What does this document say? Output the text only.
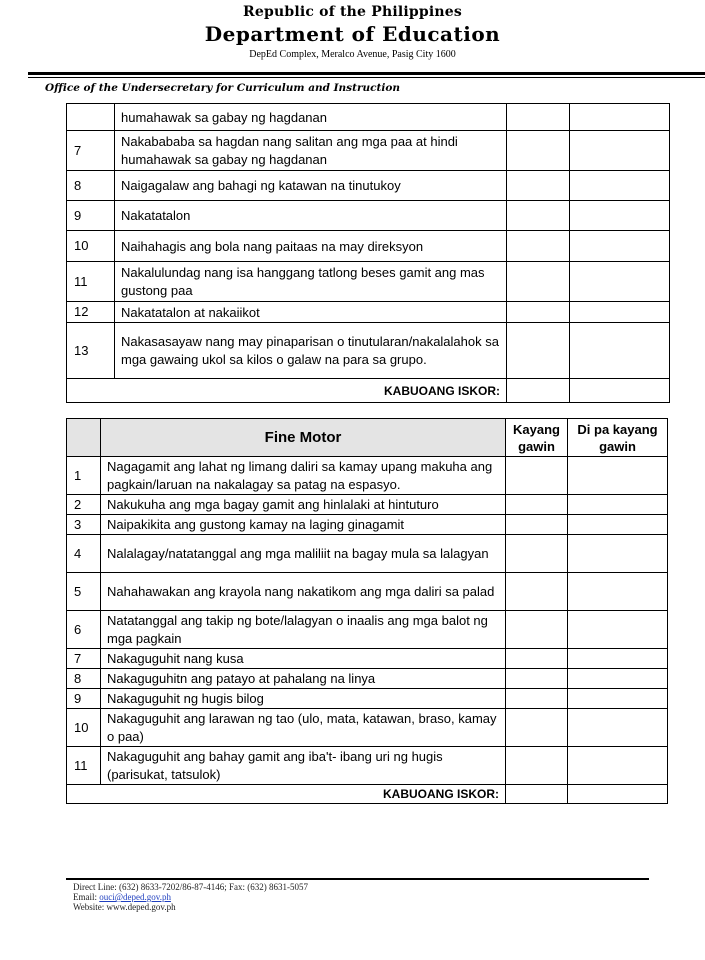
Republic of the Philippines
Department of Education
DepEd Complex, Meralco Avenue, Pasig City 1600
Office of the Undersecretary for Curriculum and Instruction
	humahawak sa gabay ng hagdanan		
7	Nakabababa sa hagdan nang salitan ang mga paa at hindi humahawak sa gabay ng hagdanan		
8	Naigagalaw ang bahagi ng katawan na tinutukoy		
9	Nakatatalon		
10	Naihahagis ang bola nang paitaas na may direksyon		
11	Nakalulundag nang isa hanggang tatlong beses gamit ang mas gustong paa		
12	Nakatatalon at nakaiikot		
13	Nakasasayaw nang may pinaparisan o tinutularan/nakalalahok sa mga gawaing ukol sa kilos o galaw na para sa grupo.		
KABUOANG ISKOR:			
	Fine Motor	Kayang gawin	Di pa kayang gawin
1	Nagagamit ang lahat ng limang daliri sa kamay upang makuha ang pagkain/laruan na nakalagay sa patag na espasyo.		
2	Nakukuha ang mga bagay gamit ang hinlalaki at hintuturo		
3	Naipakikita ang gustong kamay na laging ginagamit		
4	Nalalagay/natatanggal ang mga maliliit na bagay mula sa lalagyan		
5	Nahahawakan ang krayola nang nakatikom ang mga daliri sa palad		
6	Natatanggal ang takip ng bote/lalagyan o inaalis ang mga balot ng mga pagkain		
7	Nakaguguhit nang kusa		
8	Nakaguguhitn ang patayo at pahalang na linya		
9	Nakaguguhit ng hugis bilog		
10	Nakaguguhit ang larawan ng tao (ulo, mata, katawan, braso, kamay o paa)		
11	Nakaguguhit ang bahay gamit ang iba't- ibang uri ng hugis (parisukat, tatsulok)		
KABUOANG ISKOR:			
Direct Line: (632) 8633-7202/86-87-4146; Fax: (632) 8631-5057
Email: ouci@deped.gov.ph
Website: www.deped.gov.ph
